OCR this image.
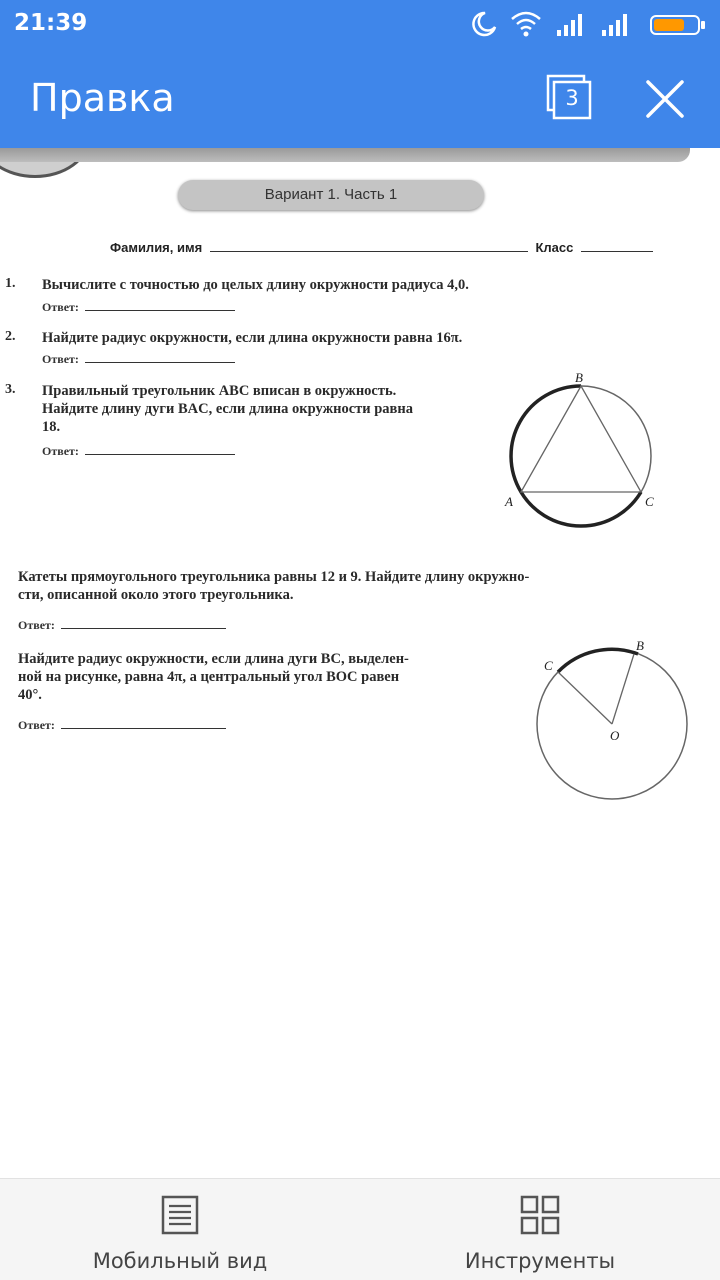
21:39
Правка	3
Вариант 1. Часть 1
Фамилия, имя	Класс
1. Вычислите с точностью до целых длину окружности радиуса 4,0.
Ответ:
2. Найдите радиус окружности, если длина окружности равна 16π.
Ответ:
3. Правильный треугольник ABC вписан в окружность.
Найдите длину дуги BAC, если длина окружности равна
18.
Ответ:
B
A	C
Катеты прямоугольного треугольника равны 12 и 9. Найдите длину окружно-
сти, описанной около этого треугольника.
Ответ:
Найдите радиус окружности, если длина дуги BC, выделен-
ной на рисунке, равна 4π, а центральный угол BOC равен
40°.
Ответ:
C
B
O
Мобильный вид	Инструменты
